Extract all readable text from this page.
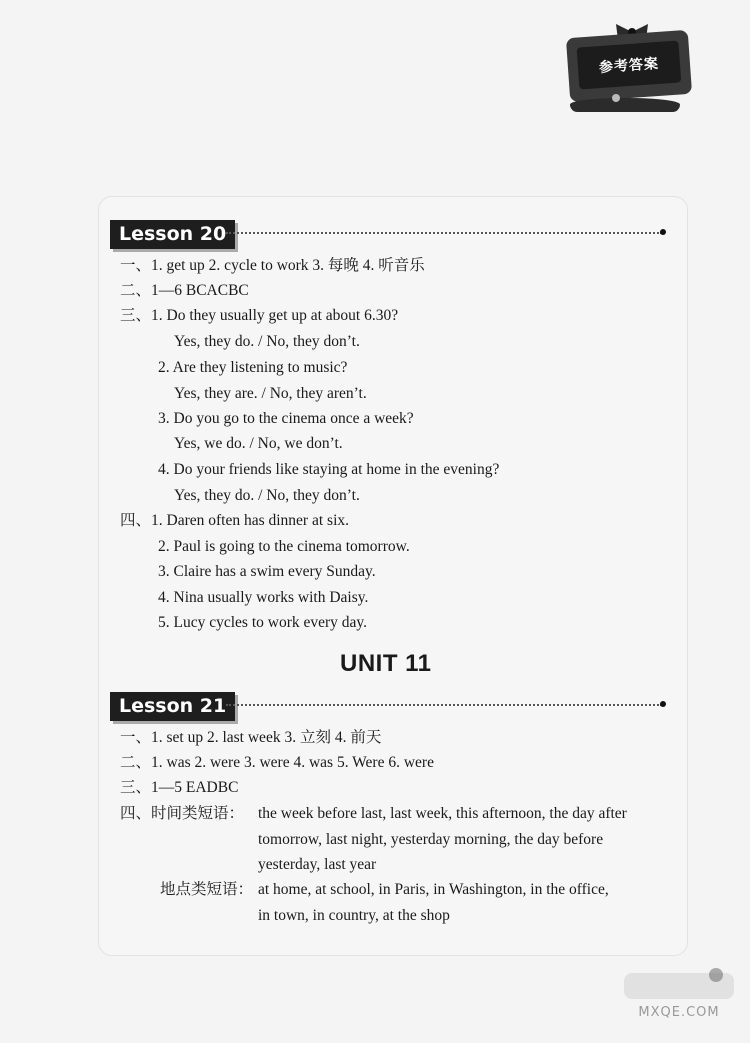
参考答案
Lesson 20
一、1. get up 2. cycle to work 3. 每晚 4. 听音乐
二、1—6 BCACBC
三、1. Do they usually get up at about 6.30?
Yes, they do. / No, they don’t.
2. Are they listening to music?
Yes, they are. / No, they aren’t.
3. Do you go to the cinema once a week?
Yes, we do. / No, we don’t.
4. Do your friends like staying at home in the evening?
Yes, they do. / No, they don’t.
四、1. Daren often has dinner at six.
2. Paul is going to the cinema tomorrow.
3. Claire has a swim every Sunday.
4. Nina usually works with Daisy.
5. Lucy cycles to work every day.
UNIT 11
Lesson 21
一、1. set up 2. last week 3. 立刻 4. 前天
二、1. was 2. were 3. were 4. was 5. Were 6. were
三、1—5 EADBC
四、时间类短语： the week before last, last week, this afternoon, the day after
tomorrow, last night, yesterday morning, the day before
yesterday, last year
地点类短语： at home, at school, in Paris, in Washington, in the office,
in town, in country, at the shop
MXQE.COM
